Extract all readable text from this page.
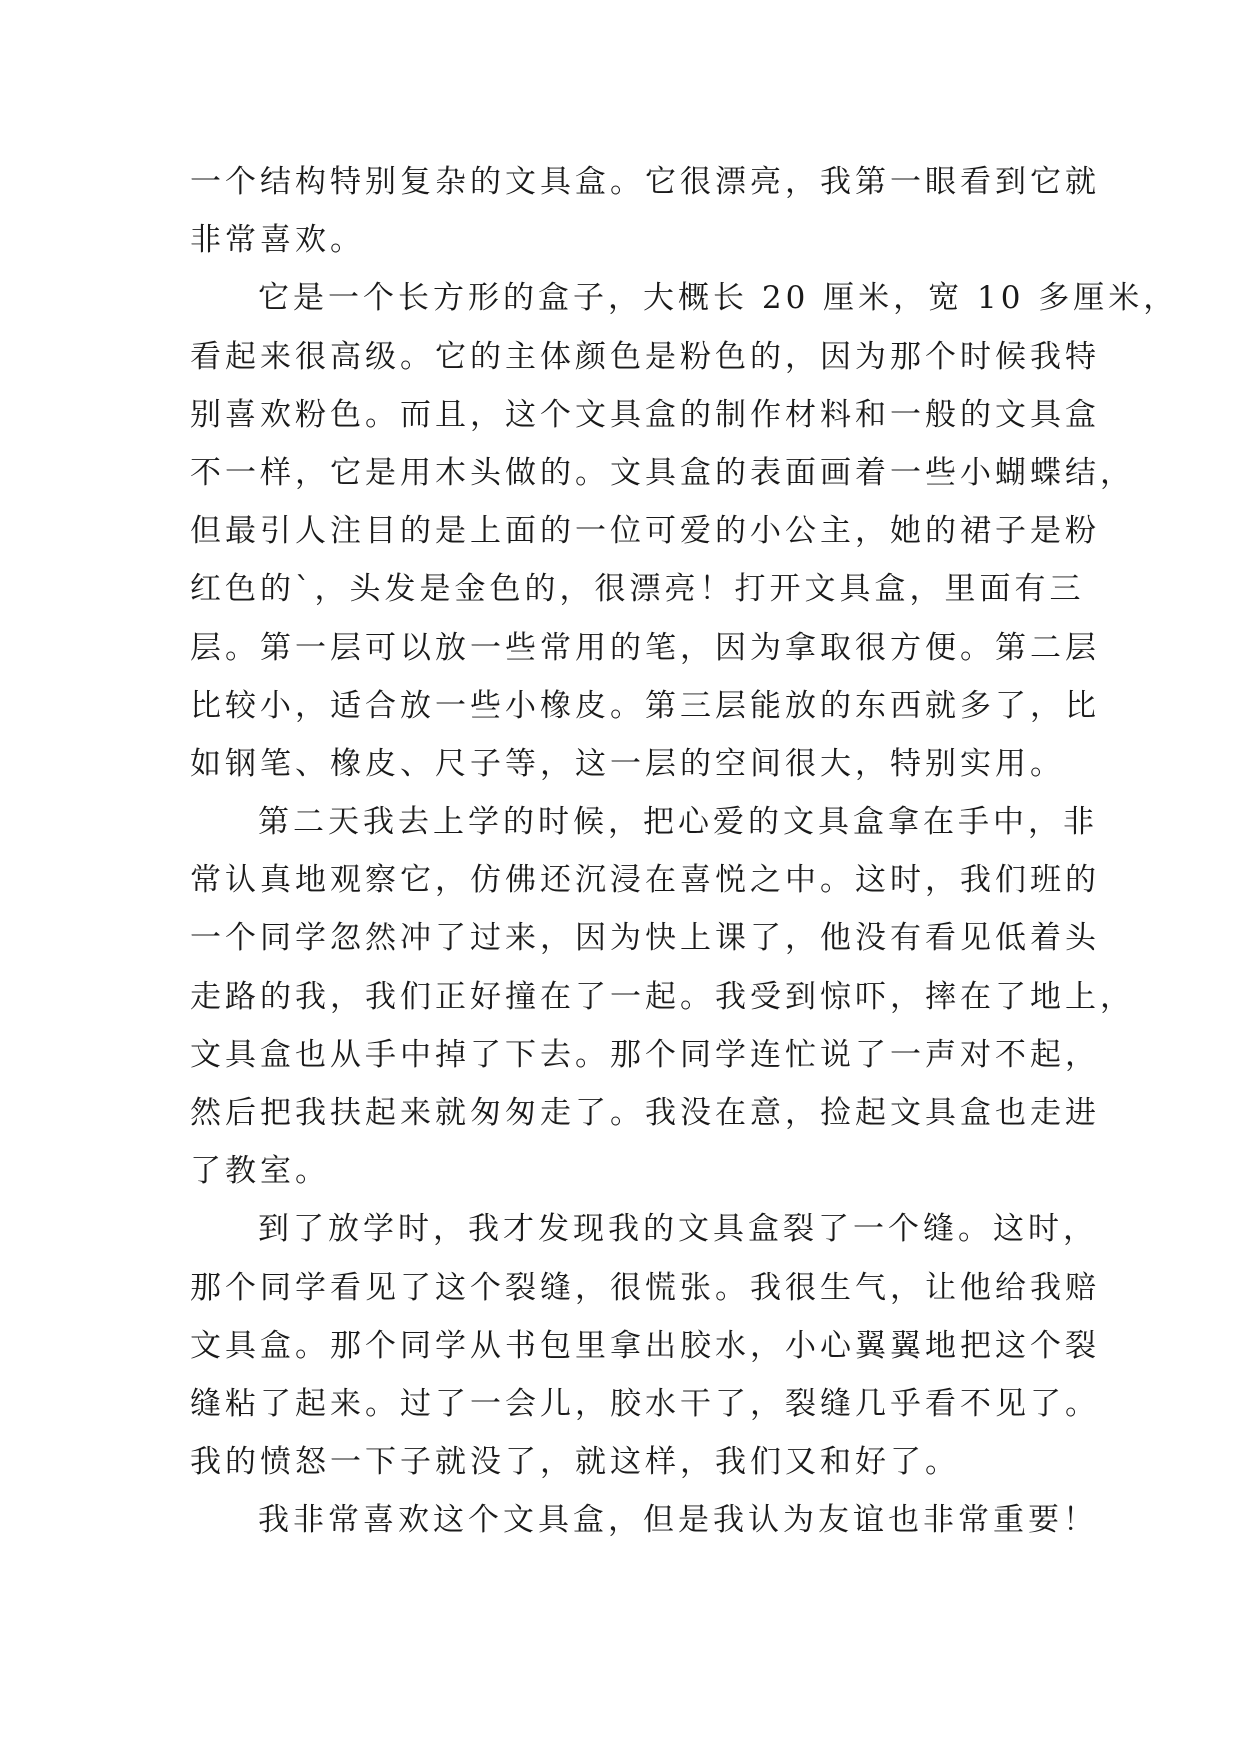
一个结构特别复杂的文具盒。它很漂亮，我第一眼看到它就
非常喜欢。
它是一个长方形的盒子，大概长 20 厘米，宽 10 多厘米，
看起来很高级。它的主体颜色是粉色的，因为那个时候我特
别喜欢粉色。而且，这个文具盒的制作材料和一般的文具盒
不一样，它是用木头做的。文具盒的表面画着一些小蝴蝶结，
但最引人注目的是上面的一位可爱的小公主，她的裙子是粉
红色的`，头发是金色的，很漂亮！打开文具盒，里面有三
层。第一层可以放一些常用的笔，因为拿取很方便。第二层
比较小，适合放一些小橡皮。第三层能放的东西就多了，比
如钢笔、橡皮、尺子等，这一层的空间很大，特别实用。
第二天我去上学的时候，把心爱的文具盒拿在手中，非
常认真地观察它，仿佛还沉浸在喜悦之中。这时，我们班的
一个同学忽然冲了过来，因为快上课了，他没有看见低着头
走路的我，我们正好撞在了一起。我受到惊吓，摔在了地上，
文具盒也从手中掉了下去。那个同学连忙说了一声对不起，
然后把我扶起来就匆匆走了。我没在意，捡起文具盒也走进
了教室。
到了放学时，我才发现我的文具盒裂了一个缝。这时，
那个同学看见了这个裂缝，很慌张。我很生气，让他给我赔
文具盒。那个同学从书包里拿出胶水，小心翼翼地把这个裂
缝粘了起来。过了一会儿，胶水干了，裂缝几乎看不见了。
我的愤怒一下子就没了，就这样，我们又和好了。
我非常喜欢这个文具盒，但是我认为友谊也非常重要！
